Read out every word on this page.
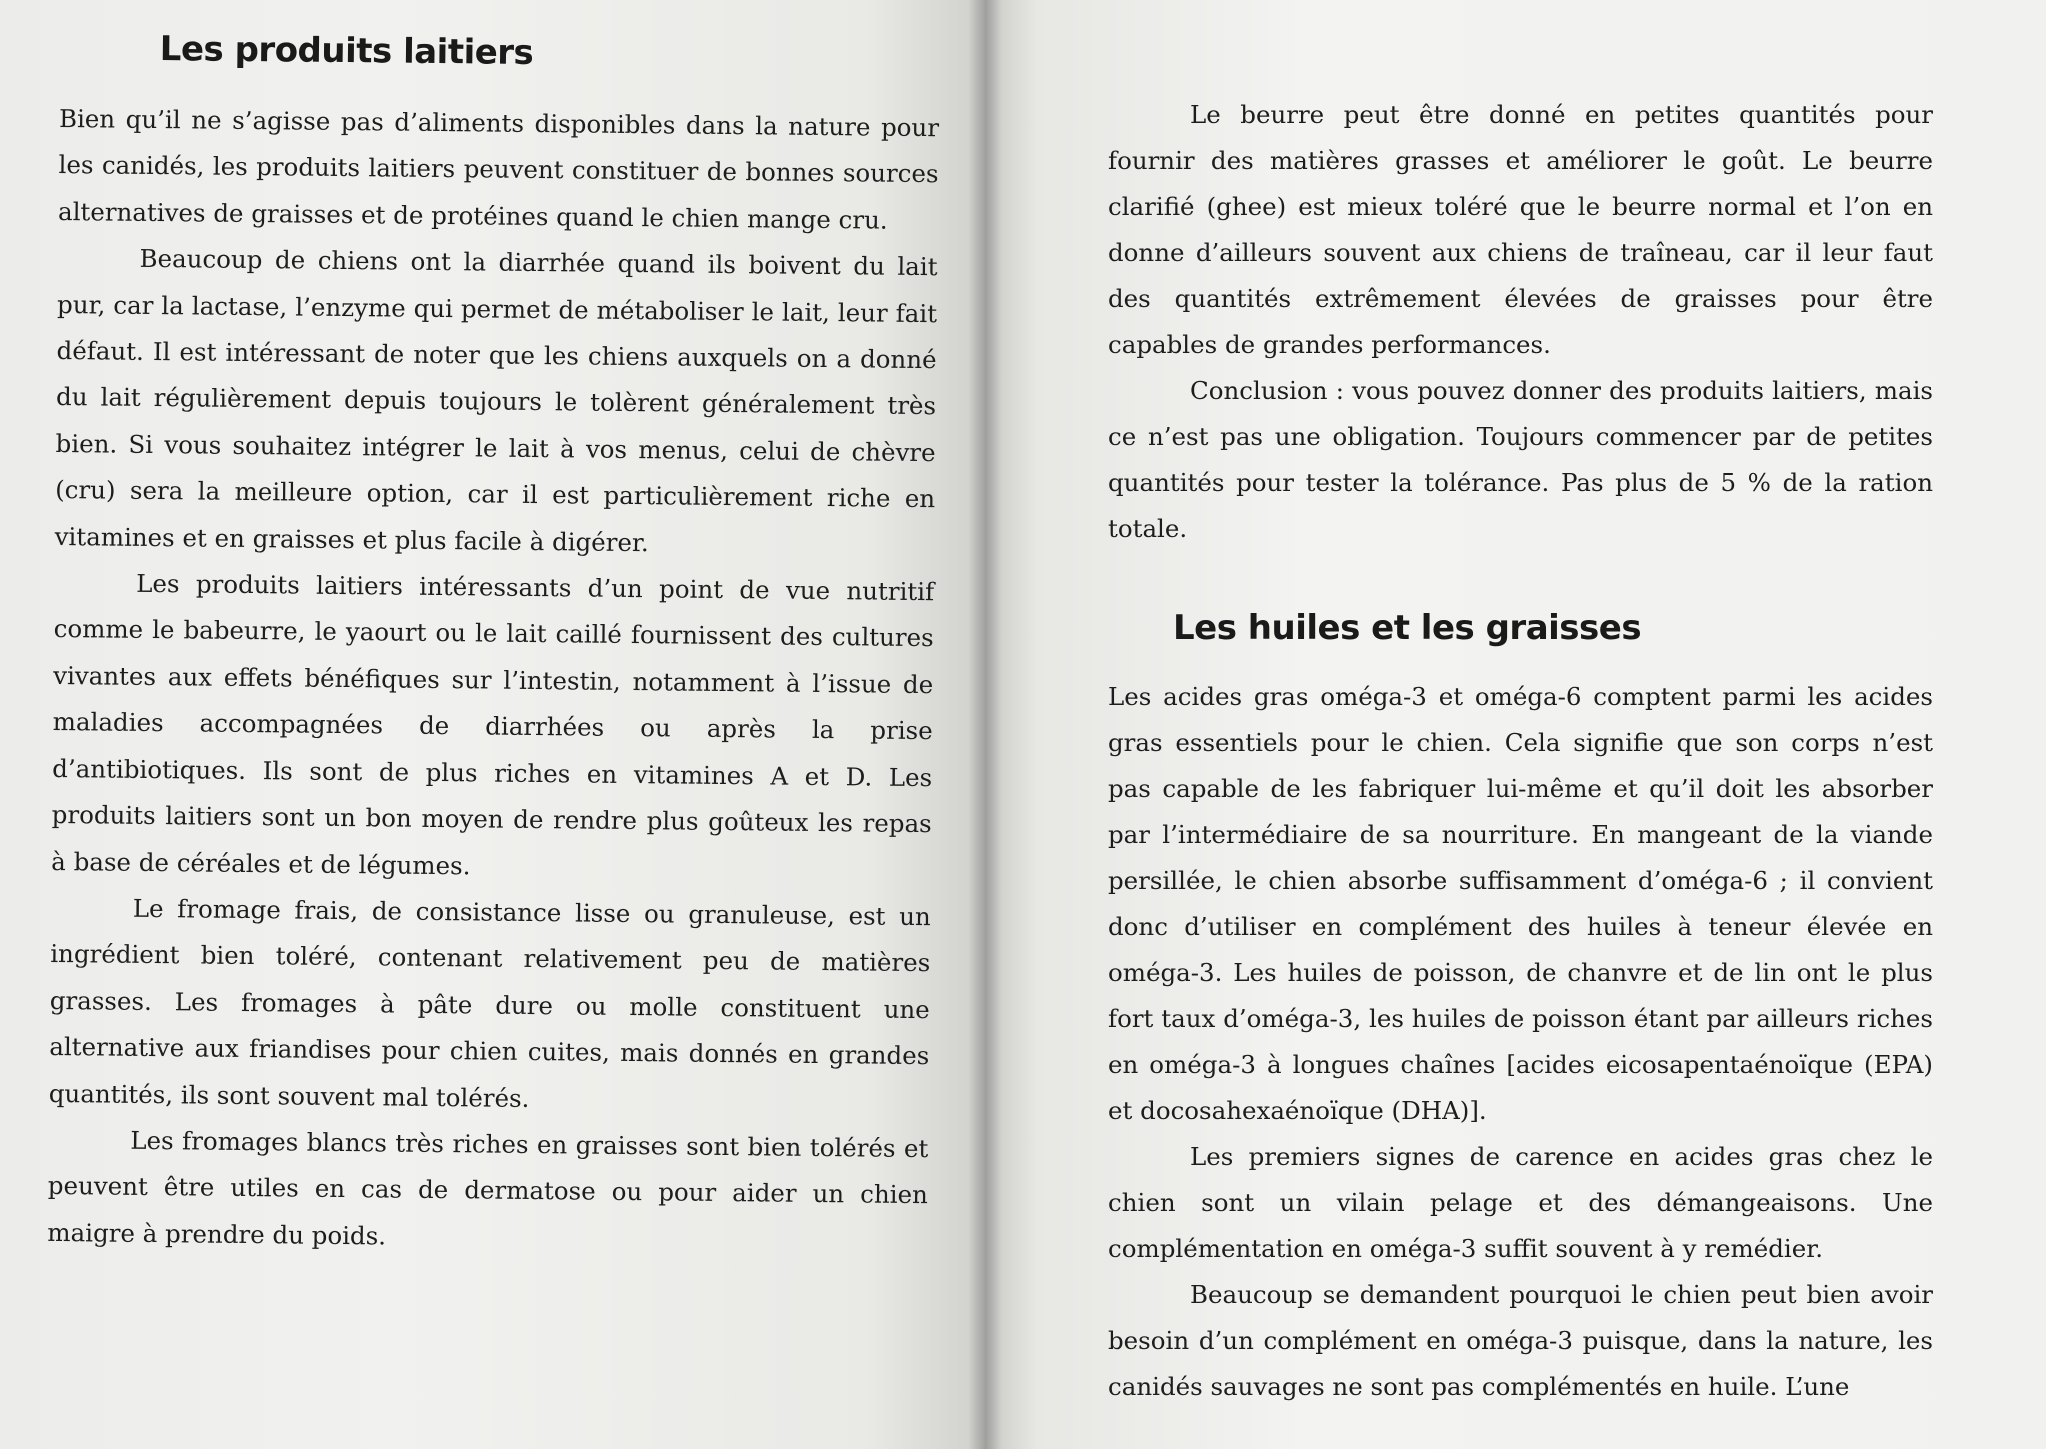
Les produits laitiers

Bien qu’il ne s’agisse pas d’aliments disponibles dans la nature pour les canidés, les produits laitiers peuvent constituer de bonnes sources alternatives de graisses et de protéines quand le chien mange cru.

Beaucoup de chiens ont la diarrhée quand ils boivent du lait pur, car la lactase, l’enzyme qui permet de métaboliser le lait, leur fait défaut. Il est intéressant de noter que les chiens auxquels on a donné du lait régulièrement depuis toujours le tolèrent généralement très bien. Si vous souhaitez intégrer le lait à vos menus, celui de chèvre (cru) sera la meilleure option, car il est particulièrement riche en vitamines et en graisses et plus facile à digérer.

Les produits laitiers intéressants d’un point de vue nutritif comme le babeurre, le yaourt ou le lait caillé fournissent des cultures vivantes aux effets bénéfiques sur l’intestin, notamment à l’issue de maladies accompagnées de diarrhées ou après la prise d’antibiotiques. Ils sont de plus riches en vitamines A et D. Les produits laitiers sont un bon moyen de rendre plus goûteux les repas à base de céréales et de légumes.

Le fromage frais, de consistance lisse ou granuleuse, est un ingrédient bien toléré, contenant relativement peu de matières grasses. Les fromages à pâte dure ou molle constituent une alternative aux friandises pour chien cuites, mais donnés en grandes quantités, ils sont souvent mal tolérés.

Les fromages blancs très riches en graisses sont bien tolérés et peuvent être utiles en cas de dermatose ou pour aider un chien maigre à prendre du poids.

Le beurre peut être donné en petites quantités pour fournir des matières grasses et améliorer le goût. Le beurre clarifié (ghee) est mieux toléré que le beurre normal et l’on en donne d’ailleurs souvent aux chiens de traîneau, car il leur faut des quantités extrêmement élevées de graisses pour être capables de grandes performances.

Conclusion : vous pouvez donner des produits laitiers, mais ce n’est pas une obligation. Toujours commencer par de petites quantités pour tester la tolérance. Pas plus de 5 % de la ration totale.

Les huiles et les graisses

Les acides gras oméga-3 et oméga-6 comptent parmi les acides gras essentiels pour le chien. Cela signifie que son corps n’est pas capable de les fabriquer lui-même et qu’il doit les absorber par l’intermédiaire de sa nourriture. En mangeant de la viande persillée, le chien absorbe suffisamment d’oméga-6 ; il convient donc d’utiliser en complément des huiles à teneur élevée en oméga-3. Les huiles de poisson, de chanvre et de lin ont le plus fort taux d’oméga-3, les huiles de poisson étant par ailleurs riches en oméga-3 à longues chaînes [acides eicosapentaénoïque (EPA) et docosahexaénoïque (DHA)].

Les premiers signes de carence en acides gras chez le chien sont un vilain pelage et des démangeaisons. Une complémentation en oméga-3 suffit souvent à y remédier.

Beaucoup se demandent pourquoi le chien peut bien avoir besoin d’un complément en oméga-3 puisque, dans la nature, les canidés sauvages ne sont pas complémentés en huile. L’une
